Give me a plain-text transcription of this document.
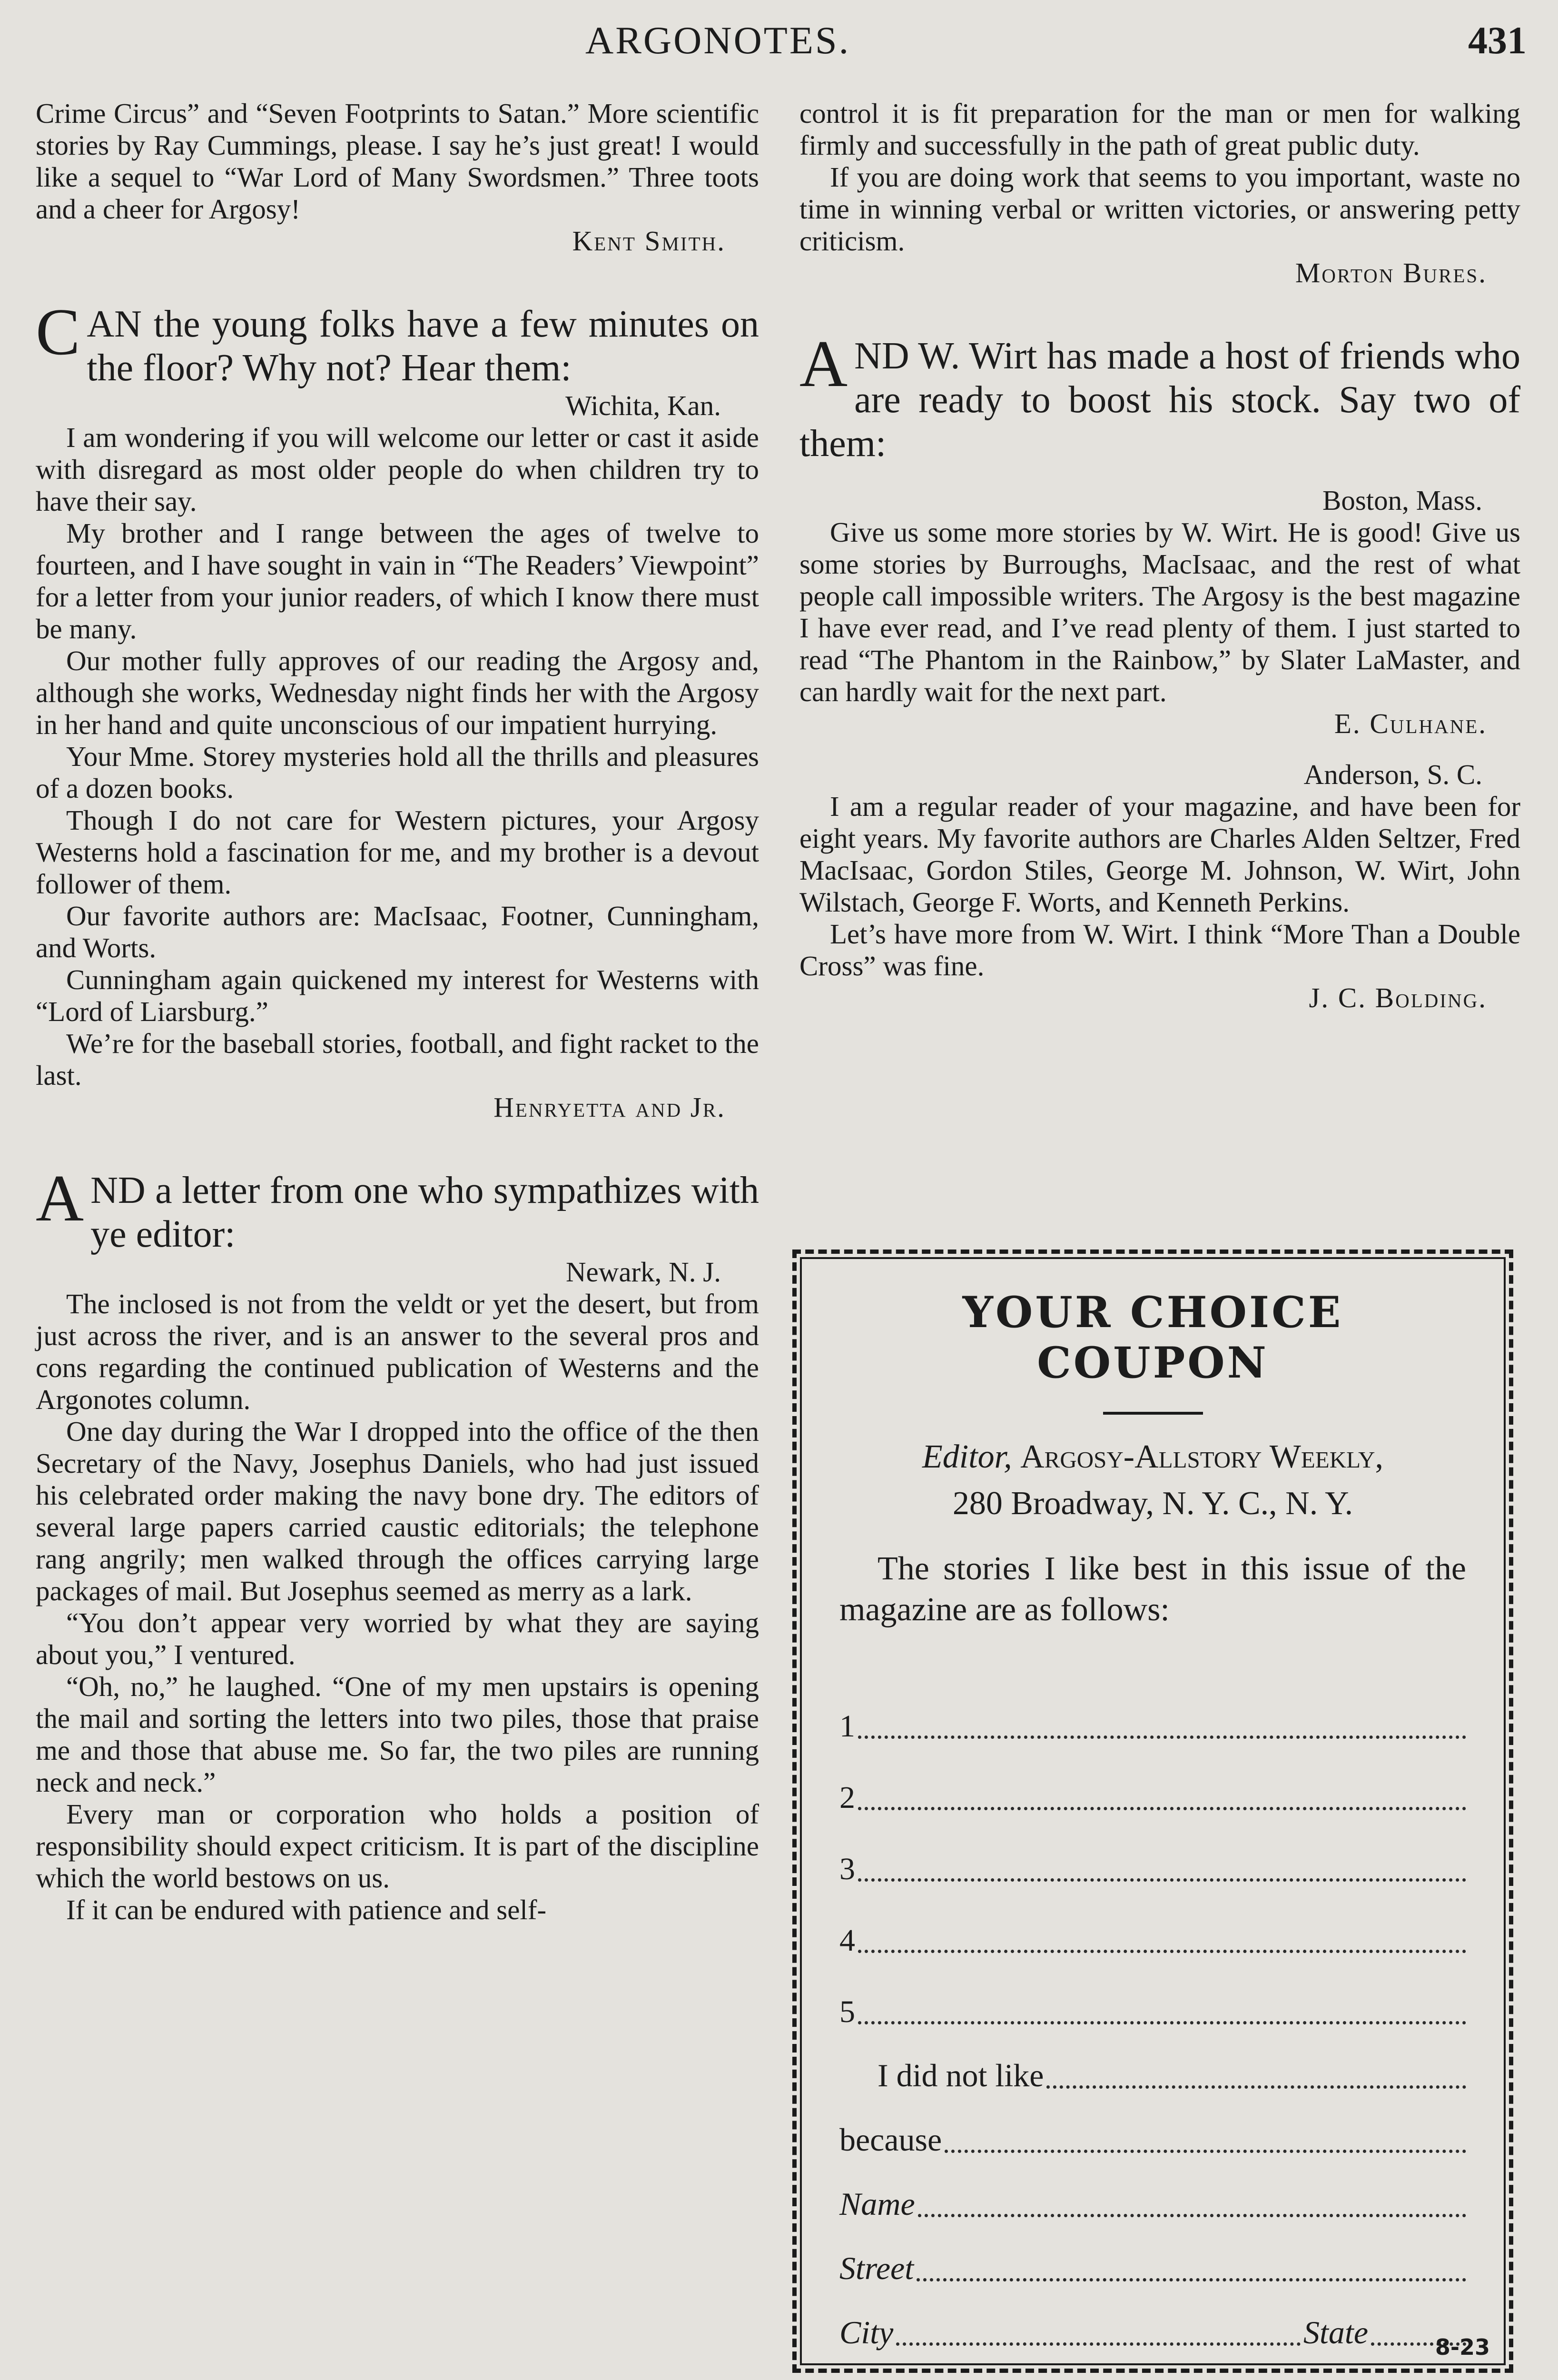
ARGONOTES.	431

Crime Circus” and “Seven Footprints to Satan.” More scientific stories by Ray Cummings, please. I say he’s just great! I would like a sequel to “War Lord of Many Swordsmen.” Three toots and a cheer for Argosy!

Kent Smith.

CAN the young folks have a few minutes on the floor? Why not? Hear them:

Wichita, Kan.

I am wondering if you will welcome our letter or cast it aside with disregard as most older people do when children try to have their say.

My brother and I range between the ages of twelve to fourteen, and I have sought in vain in “The Readers’ Viewpoint” for a letter from your junior readers, of which I know there must be many.

Our mother fully approves of our reading the Argosy and, although she works, Wednesday night finds her with the Argosy in her hand and quite unconscious of our impatient hurrying.

Your Mme. Storey mysteries hold all the thrills and pleasures of a dozen books.

Though I do not care for Western pictures, your Argosy Westerns hold a fascination for me, and my brother is a devout follower of them.

Our favorite authors are: MacIsaac, Footner, Cunningham, and Worts.

Cunningham again quickened my interest for Westerns with “Lord of Liarsburg.”

We’re for the baseball stories, football, and fight racket to the last.

Henryetta and Jr.

AND a letter from one who sympathizes with ye editor:

Newark, N. J.

The inclosed is not from the veldt or yet the desert, but from just across the river, and is an answer to the several pros and cons regarding the continued publication of Westerns and the Argonotes column.

One day during the War I dropped into the office of the then Secretary of the Navy, Josephus Daniels, who had just issued his celebrated order making the navy bone dry. The editors of several large papers carried caustic editorials; the telephone rang angrily; men walked through the offices carrying large packages of mail. But Josephus seemed as merry as a lark.

“You don’t appear very worried by what they are saying about you,” I ventured.

“Oh, no,” he laughed. “One of my men upstairs is opening the mail and sorting the letters into two piles, those that praise me and those that abuse me. So far, the two piles are running neck and neck.”

Every man or corporation who holds a position of responsibility should expect criticism. It is part of the discipline which the world bestows on us.

If it can be endured with patience and self-

control it is fit preparation for the man or men for walking firmly and successfully in the path of great public duty.

If you are doing work that seems to you important, waste no time in winning verbal or written victories, or answering petty criticism.

Morton Bures.

AND W. Wirt has made a host of friends who are ready to boost his stock. Say two of them:

Boston, Mass.

Give us some more stories by W. Wirt. He is good! Give us some stories by Burroughs, MacIsaac, and the rest of what people call impossible writers. The Argosy is the best magazine I have ever read, and I’ve read plenty of them. I just started to read “The Phantom in the Rainbow,” by Slater LaMaster, and can hardly wait for the next part.

E. Culhane.
Anderson, S. C.

I am a regular reader of your magazine, and have been for eight years. My favorite authors are Charles Alden Seltzer, Fred MacIsaac, Gordon Stiles, George M. Johnson, W. Wirt, John Wilstach, George F. Worts, and Kenneth Perkins.

Let’s have more from W. Wirt. I think “More Than a Double Cross” was fine.

J. C. Bolding.
YOUR CHOICE COUPON
Editor, Argosy-Allstory Weekly,
280 Broadway, N. Y. C., N. Y.
The stories I like best in this issue of the magazine are as follows:
1
2
3
4
5
I did not like
because
Name
Street
City	State	8-23
